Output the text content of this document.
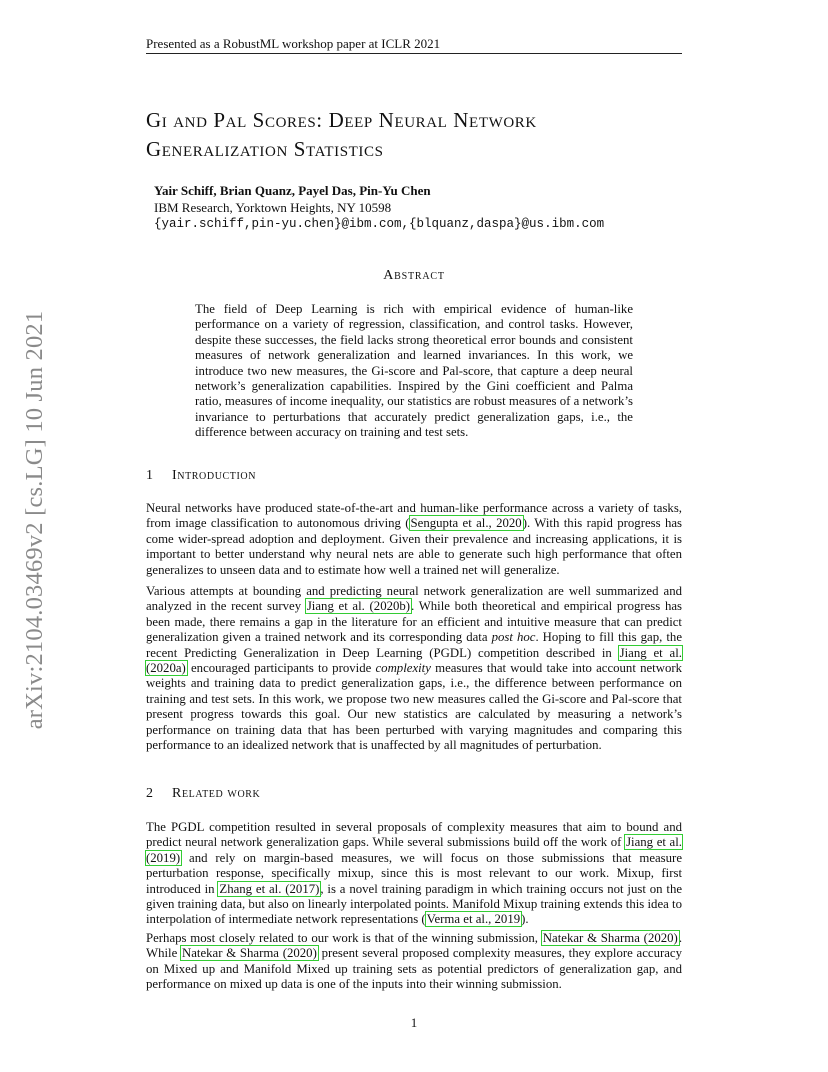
Presented as a RobustML workshop paper at ICLR 2021
arXiv:2104.03469v2 [cs.LG] 10 Jun 2021
Gi and Pal Scores: Deep Neural Network
Generalization Statistics
Yair Schiff, Brian Quanz, Payel Das, Pin-Yu Chen
IBM Research, Yorktown Heights, NY 10598
{yair.schiff,pin-yu.chen}@ibm.com,{blquanz,daspa}@us.ibm.com
Abstract

The field of Deep Learning is rich with empirical evidence of human-like performance on a variety of regression, classification, and control tasks. However, despite these successes, the field lacks strong theoretical error bounds and consistent measures of network generalization and learned invariances. In this work, we introduce two new measures, the Gi-score and Pal-score, that capture a deep neural network’s generalization capabilities. Inspired by the Gini coefficient and Palma ratio, measures of income inequality, our statistics are robust measures of a network’s invariance to perturbations that accurately predict generalization gaps, i.e., the difference between accuracy on training and test sets.

1 Introduction

Neural networks have produced state-of-the-art and human-like performance across a variety of tasks, from image classification to autonomous driving (Sengupta et al., 2020). With this rapid progress has come wider-spread adoption and deployment. Given their prevalence and increasing applications, it is important to better understand why neural nets are able to generate such high performance that often generalizes to unseen data and to estimate how well a trained net will generalize.

Various attempts at bounding and predicting neural network generalization are well summarized and analyzed in the recent survey Jiang et al. (2020b). While both theoretical and empirical progress has been made, there remains a gap in the literature for an efficient and intuitive measure that can predict generalization given a trained network and its corresponding data post hoc. Hoping to fill this gap, the recent Predicting Generalization in Deep Learning (PGDL) competition described in Jiang et al. (2020a) encouraged participants to provide complexity measures that would take into account network weights and training data to predict generalization gaps, i.e., the difference between performance on training and test sets. In this work, we propose two new measures called the Gi-score and Pal-score that present progress towards this goal. Our new statistics are calculated by measuring a network’s performance on training data that has been perturbed with varying magnitudes and comparing this performance to an idealized network that is unaffected by all magnitudes of perturbation.

2 Related work

The PGDL competition resulted in several proposals of complexity measures that aim to bound and predict neural network generalization gaps. While several submissions build off the work of Jiang et al. (2019) and rely on margin-based measures, we will focus on those submissions that measure perturbation response, specifically mixup, since this is most relevant to our work. Mixup, first introduced in Zhang et al. (2017), is a novel training paradigm in which training occurs not just on the given training data, but also on linearly interpolated points. Manifold Mixup training extends this idea to interpolation of intermediate network representations (Verma et al., 2019).

Perhaps most closely related to our work is that of the winning submission, Natekar & Sharma (2020). While Natekar & Sharma (2020) present several proposed complexity measures, they explore accuracy on Mixed up and Manifold Mixed up training sets as potential predictors of generalization gap, and performance on mixed up data is one of the inputs into their winning submission.

1
